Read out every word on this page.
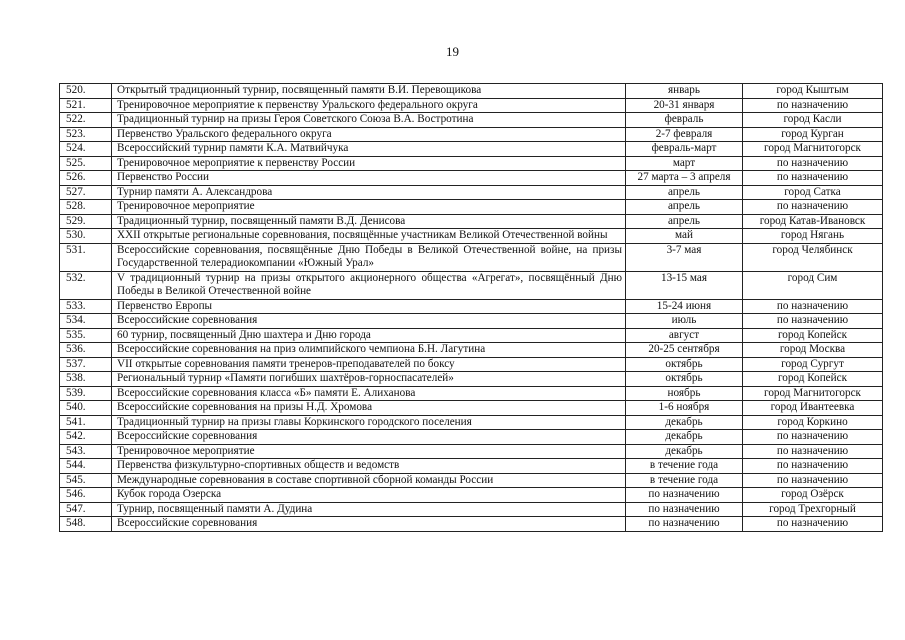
19
520.	Открытый традиционный турнир, посвященный памяти В.И. Перевощикова	январь	город Кыштым
521.	Тренировочное мероприятие к первенству Уральского федерального округа	20-31 января	по назначению
522.	Традиционный турнир на призы Героя Советского Союза В.А. Востротина	февраль	город Касли
523.	Первенство Уральского федерального округа	2-7 февраля	город Курган
524.	Всероссийский турнир памяти К.А. Матвийчука	февраль-март	город Магнитогорск
525.	Тренировочное мероприятие к первенству России	март	по назначению
526.	Первенство России	27 марта – 3 апреля	по назначению
527.	Турнир памяти А. Александрова	апрель	город Сатка
528.	Тренировочное мероприятие	апрель	по назначению
529.	Традиционный турнир, посвященный памяти В.Д. Денисова	апрель	город Катав-Ивановск
530.	XXII открытые региональные соревнования, посвящённые участникам Великой Отечественной войны	май	город Нягань
531.	Всероссийские соревнования, посвящённые Дню Победы в Великой Отечественной войне, на призы Государственной телерадиокомпании «Южный Урал»	3-7 мая	город Челябинск
532.	V традиционный турнир на призы открытого акционерного общества «Агрегат», посвящённый Дню Победы в Великой Отечественной войне	13-15 мая	город Сим
533.	Первенство Европы	15-24 июня	по назначению
534.	Всероссийские соревнования	июль	по назначению
535.	60 турнир, посвященный Дню шахтера и Дню города	август	город Копейск
536.	Всероссийские соревнования на приз олимпийского чемпиона Б.Н. Лагутина	20-25 сентября	город Москва
537.	VII открытые соревнования памяти тренеров-преподавателей по боксу	октябрь	город Сургут
538.	Региональный турнир «Памяти погибших шахтёров-горноспасателей»	октябрь	город Копейск
539.	Всероссийские соревнования класса «Б» памяти Е. Алиханова	ноябрь	город Магнитогорск
540.	Всероссийские соревнования на призы Н.Д. Хромова	1-6 ноября	город Ивантеевка
541.	Традиционный турнир на призы главы Коркинского городского поселения	декабрь	город Коркино
542.	Всероссийские соревнования	декабрь	по назначению
543.	Тренировочное мероприятие	декабрь	по назначению
544.	Первенства физкультурно-спортивных обществ и ведомств	в течение года	по назначению
545.	Международные соревнования в составе спортивной сборной команды России	в течение года	по назначению
546.	Кубок города Озерска	по назначению	город Озёрск
547.	Турнир, посвященный памяти А. Дудина	по назначению	город Трехгорный
548.	Всероссийские соревнования	по назначению	по назначению
